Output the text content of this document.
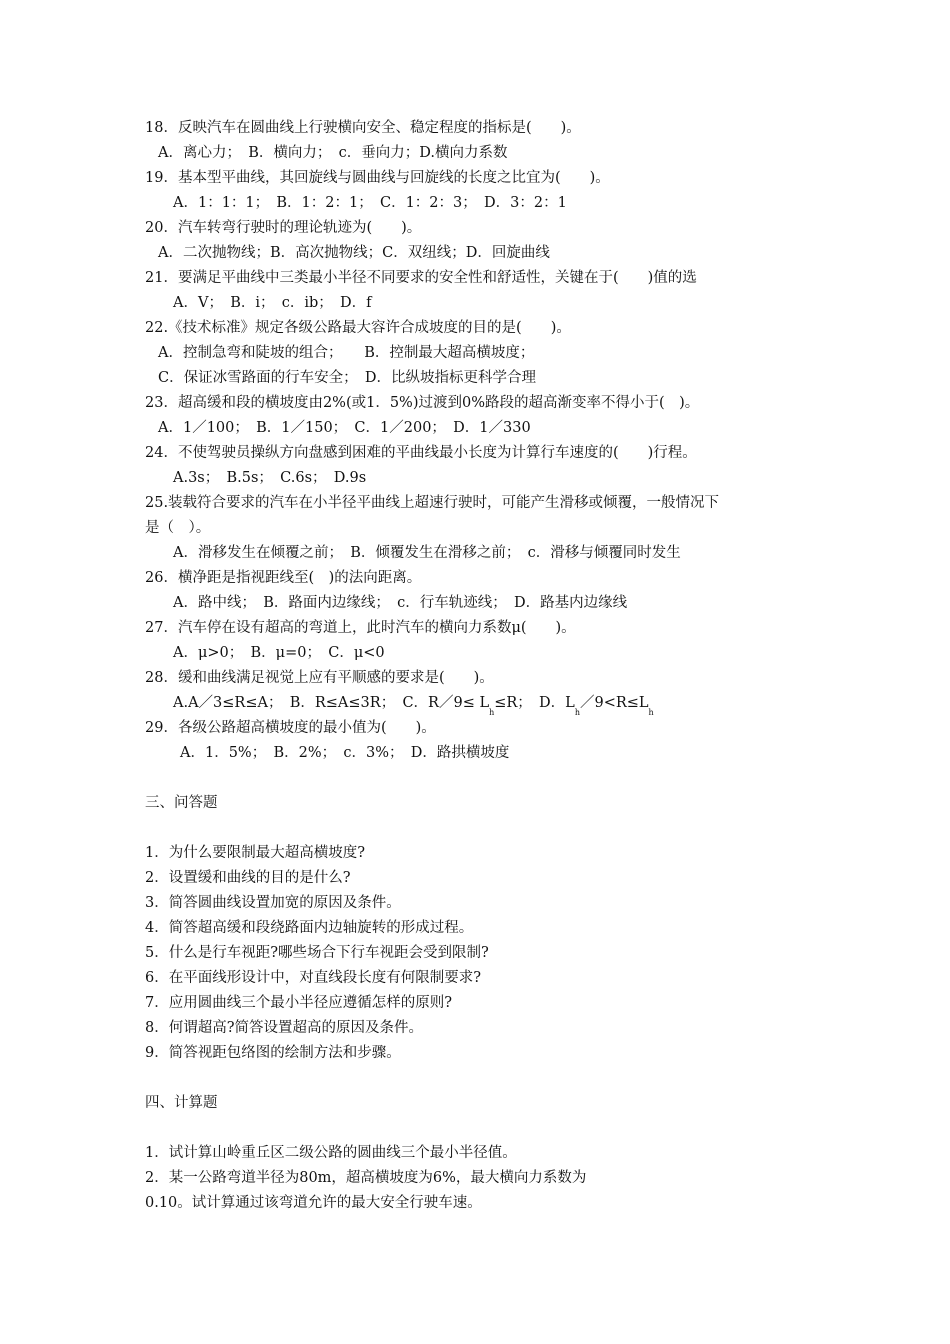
18．反映汽车在圆曲线上行驶横向安全、稳定程度的指标是(　　)。
A．离心力；　B．横向力；　c．垂向力；D.横向力系数
19．基本型平曲线，其回旋线与圆曲线与回旋线的长度之比宜为(　　)。
A．1：1：1；　B．1：2：1；　C．1：2：3；　D．3：2：1
20．汽车转弯行驶时的理论轨迹为(　　)。
A．二次抛物线；B．高次抛物线；C．双纽线；D．回旋曲线
21．要满足平曲线中三类最小半径不同要求的安全性和舒适性，关键在于(　　)值的选
A．V；　B．i；　c．ib；　D．f
22.《技术标准》规定各级公路最大容许合成坡度的目的是(　　)。
A．控制急弯和陡坡的组合；　　B．控制最大超高横坡度；
C．保证冰雪路面的行车安全；　D．比纵坡指标更科学合理
23．超高缓和段的横坡度由2%(或1．5%)过渡到0%路段的超高渐变率不得小于(　)。
A．1／100；　B．1／150；　C．1／200；　D．1／330
24．不使驾驶员操纵方向盘感到困难的平曲线最小长度为计算行车速度的(　　)行程。
A.3s；　B.5s；　C.6s；　D.9s
25.装载符合要求的汽车在小半径平曲线上超速行驶时，可能产生滑移或倾覆，一般情况下
是（　）。
A．滑移发生在倾覆之前；　B．倾覆发生在滑移之前；　c．滑移与倾覆同时发生
26．横净距是指视距线至(　)的法向距离。
A．路中线；　B．路面内边缘线；　c．行车轨迹线；　D．路基内边缘线
27．汽车停在设有超高的弯道上，此时汽车的横向力系数μ(　　)。
A．μ>0；　B．μ=0；　C．μ<0
28．缓和曲线满足视觉上应有平顺感的要求是(　　)。
A.A／3≤R≤A；　B．R≤A≤3R；　C．R／9≤ $L_h\le R$；　D．$L_h/9<R\le L_h$
29．各级公路超高横坡度的最小值为(　　)。
A．1．5%；　B．2%；　c．3%；　D．路拱横坡度
三、问答题
1．为什么要限制最大超高横坡度?
2．设置缓和曲线的目的是什么?
3．简答圆曲线设置加宽的原因及条件。
4．简答超高缓和段绕路面内边轴旋转的形成过程。
5．什么是行车视距?哪些场合下行车视距会受到限制?
6．在平面线形设计中，对直线段长度有何限制要求?
7．应用圆曲线三个最小半径应遵循怎样的原则?
8．何谓超高?简答设置超高的原因及条件。
9．简答视距包络图的绘制方法和步骤。
四、计算题
1．试计算山岭重丘区二级公路的圆曲线三个最小半径值。
2．某一公路弯道半径为80m，超高横坡度为6%，最大横向力系数为
0.10。试计算通过该弯道允许的最大安全行驶车速。
